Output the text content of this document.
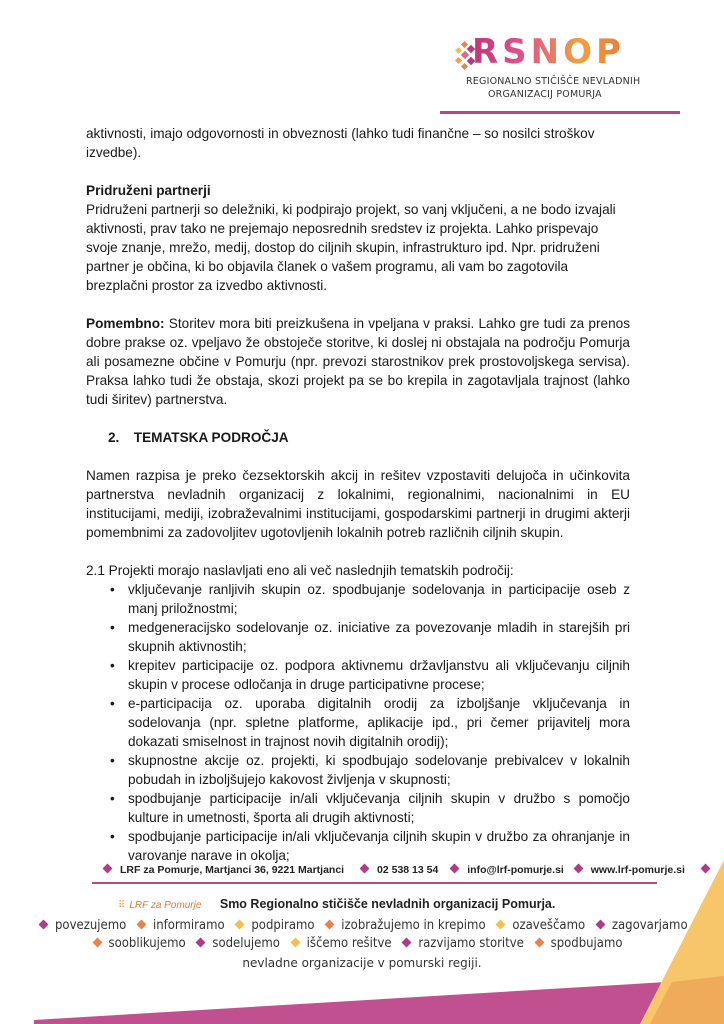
RSNOP
REGIONALNO STIČIŠČE NEVLADNIH
ORGANIZACIJ POMURJA

aktivnosti, imajo odgovornosti in obveznosti (lahko tudi finančne – so nosilci stroškov izvedbe).

Pridruženi partnerji

Pridruženi partnerji so deležniki, ki podpirajo projekt, so vanj vključeni, a ne bodo izvajali aktivnosti, prav tako ne prejemajo neposrednih sredstev iz projekta. Lahko prispevajo svoje znanje, mrežo, medij, dostop do ciljnih skupin, infrastrukturo ipd. Npr. pridruženi partner je občina, ki bo objavila članek o vašem programu, ali vam bo zagotovila brezplačni prostor za izvedbo aktivnosti.

Pomembno: Storitev mora biti preizkušena in vpeljana v praksi. Lahko gre tudi za prenos dobre prakse oz. vpeljavo že obstoječe storitve, ki doslej ni obstajala na področju Pomurja ali posamezne občine v Pomurju (npr. prevozi starostnikov prek prostovoljskega servisa). Praksa lahko tudi že obstaja, skozi projekt pa se bo krepila in zagotavljala trajnost (lahko tudi širitev) partnerstva.

2. TEMATSKA PODROČJA

Namen razpisa je preko čezsektorskih akcij in rešitev vzpostaviti delujoča in učinkovita partnerstva nevladnih organizacij z lokalnimi, regionalnimi, nacionalnimi in EU institucijami, mediji, izobraževalnimi institucijami, gospodarskimi partnerji in drugimi akterji pomembnimi za zadovoljitev ugotovljenih lokalnih potreb različnih ciljnih skupin.

2.1 Projekti morajo naslavljati eno ali več naslednjih tematskih področij:

• vključevanje ranljivih skupin oz. spodbujanje sodelovanja in participacije oseb z manj priložnostmi;
• medgeneracijsko sodelovanje oz. iniciative za povezovanje mladih in starejših pri skupnih aktivnostih;
• krepitev participacije oz. podpora aktivnemu državljanstvu ali vključevanju ciljnih skupin v procese odločanja in druge participativne procese;
• e-participacija oz. uporaba digitalnih orodij za izboljšanje vključevanja in sodelovanja (npr. spletne platforme, aplikacije ipd., pri čemer prijavitelj mora dokazati smiselnost in trajnost novih digitalnih orodij);
• skupnostne akcije oz. projekti, ki spodbujajo sodelovanje prebivalcev v lokalnih pobudah in izboljšujejo kakovost življenja v skupnosti;
• spodbujanje participacije in/ali vključevanja ciljnih skupin v družbo s pomočjo kulture in umetnosti, športa ali drugih aktivnosti;
• spodbujanje participacije in/ali vključevanja ciljnih skupin v družbo za ohranjanje in varovanje narave in okolja;
LRF za Pomurje, Martjanci 36, 9221 Martjanci	02 538 13 54	info@lrf-pomurje.si	www.lrf-pomurje.si
⠿ LRF za Pomurje Smo Regionalno stičišče nevladnih organizacij Pomurja.
povezujemo informiramo podpiramo izobražujemo in krepimo ozaveščamo zagovarjamo
sooblikujemo sodelujemo iščemo rešitve razvijamo storitve spodbujamo
nevladne organizacije v pomurski regiji.
